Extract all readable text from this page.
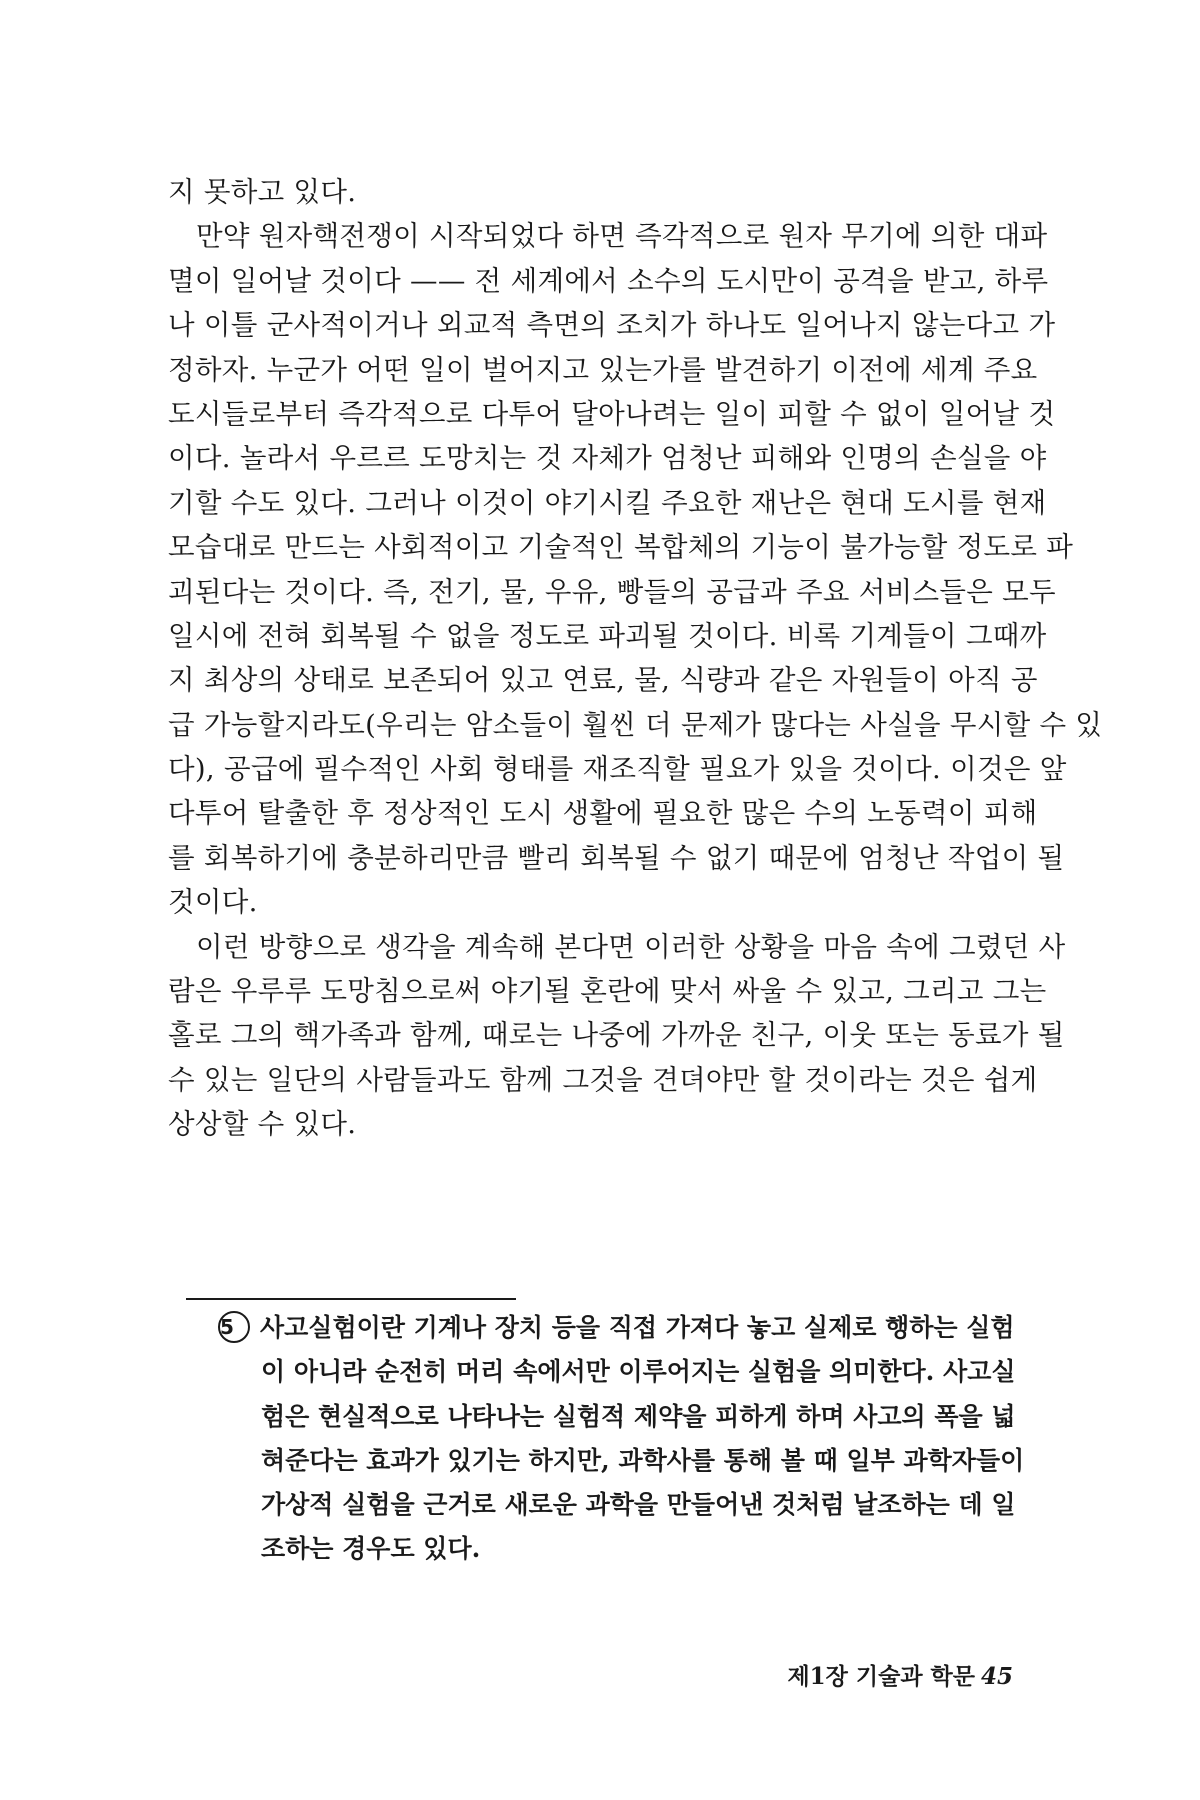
지 못하고 있다.
만약 원자핵전쟁이 시작되었다 하면 즉각적으로 원자 무기에 의한 대파
멸이 일어날 것이다 —— 전 세계에서 소수의 도시만이 공격을 받고, 하루
나 이틀 군사적이거나 외교적 측면의 조치가 하나도 일어나지 않는다고 가
정하자. 누군가 어떤 일이 벌어지고 있는가를 발견하기 이전에 세계 주요
도시들로부터 즉각적으로 다투어 달아나려는 일이 피할 수 없이 일어날 것
이다. 놀라서 우르르 도망치는 것 자체가 엄청난 피해와 인명의 손실을 야
기할 수도 있다. 그러나 이것이 야기시킬 주요한 재난은 현대 도시를 현재
모습대로 만드는 사회적이고 기술적인 복합체의 기능이 불가능할 정도로 파
괴된다는 것이다. 즉, 전기, 물, 우유, 빵들의 공급과 주요 서비스들은 모두
일시에 전혀 회복될 수 없을 정도로 파괴될 것이다. 비록 기계들이 그때까
지 최상의 상태로 보존되어 있고 연료, 물, 식량과 같은 자원들이 아직 공
급 가능할지라도(우리는 암소들이 훨씬 더 문제가 많다는 사실을 무시할 수 있
다), 공급에 필수적인 사회 형태를 재조직할 필요가 있을 것이다. 이것은 앞
다투어 탈출한 후 정상적인 도시 생활에 필요한 많은 수의 노동력이 피해
를 회복하기에 충분하리만큼 빨리 회복될 수 없기 때문에 엄청난 작업이 될
것이다.
이런 방향으로 생각을 계속해 본다면 이러한 상황을 마음 속에 그렸던 사
람은 우루루 도망침으로써 야기될 혼란에 맞서 싸울 수 있고, 그리고 그는
홀로 그의 핵가족과 함께, 때로는 나중에 가까운 친구, 이웃 또는 동료가 될
수 있는 일단의 사람들과도 함께 그것을 견뎌야만 할 것이라는 것은 쉽게
상상할 수 있다.
5 사고실험이란 기계나 장치 등을 직접 가져다 놓고 실제로 행하는 실험
이 아니라 순전히 머리 속에서만 이루어지는 실험을 의미한다. 사고실
험은 현실적으로 나타나는 실험적 제약을 피하게 하며 사고의 폭을 넓
혀준다는 효과가 있기는 하지만, 과학사를 통해 볼 때 일부 과학자들이
가상적 실험을 근거로 새로운 과학을 만들어낸 것처럼 날조하는 데 일
조하는 경우도 있다.
제1장 기술과 학문 45
